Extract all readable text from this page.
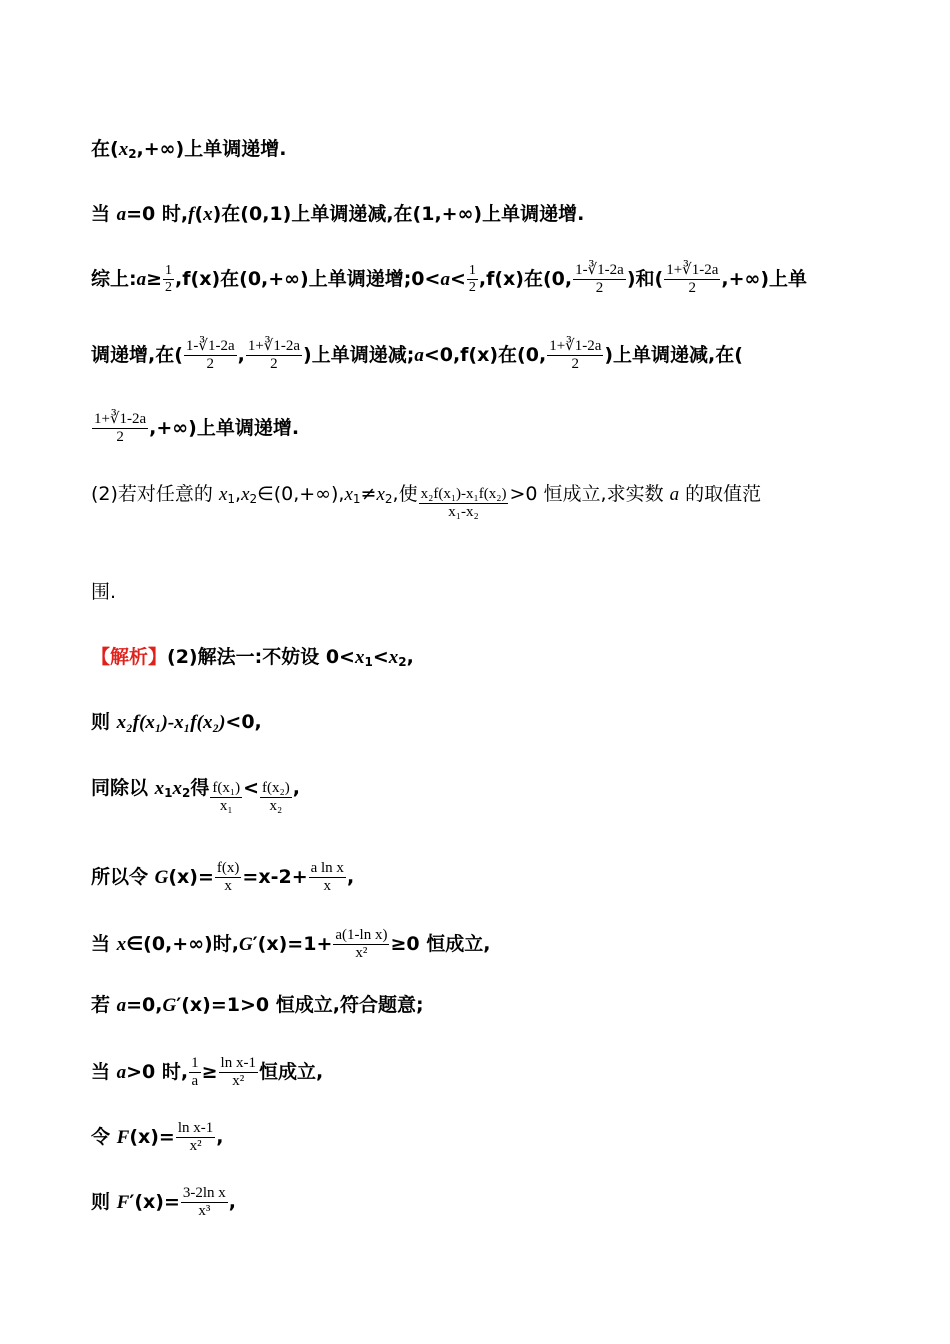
在$(x_2,+\infty)$上单调递增.
当 a=0 时,f(x)在(0,1)上单调递减,在(1,+∞)上单调递增.
综上:a≥ $\frac{1}{2} ,f(x)$在(0,+∞)上单调递增;0<a< $\frac{1}{2} ,f(x)$在(0, $\frac{1-∛1-2a}{2}$ )和( $\frac{1+∛1-2a}{2}$ ,+∞)上单
调递增,在( $\frac{1-∛1-2a}{2}$ , $\frac{1+∛1-2a}{2}$ )上单调递减;a<0,f(x)在(0, $\frac{1+∛1-2a}{2}$ )上单调递减,在(
$\frac{1+∛1-2a}{2}$ ,+∞)上单调递增.
(2)若对任意的 $x_1,x_2\in(0,+\infty),x_1\ne x_2$,使 $\frac{\text{x₂f(x₁)-x₁f(x₂)}}{\text{x₁-x₂}} >0$ 恒成立,求实数 a 的取值范
围.
【解析】(2)解法一:不妨设 $0<x_1<x_2$,
则 x₂f(x₁)-x₁f(x₂)<0,
同除以 $x_1x_2$得 $\frac{\text{f(x₁)}}{\text{x₁}} < \frac{\text{f(x₂)}}{\text{x₂}}$ ,
所以令 $G(x)= \frac{f(x)}{x} =x-2+ \frac{\text{a ln x}}{x}$ ,
当 x∈(0,+∞)时$,G'(x)=1+ \frac{\text{a(1-ln x)}}{\text{x²}} \ge 0$ 恒成立,
若 a=0,G′(x)=1>0 恒成立,符合题意;
当 a>0 时, $\frac{1}{a} \ge \frac{\text{ln x-1}}{\text{x²}}$ 恒成立,
令 $F(x)= \frac{\text{ln x-1}}{\text{x²}}$ ,
则 $F'(x)= \frac{\text{3-2ln x}}{\text{x³}}$ ,
